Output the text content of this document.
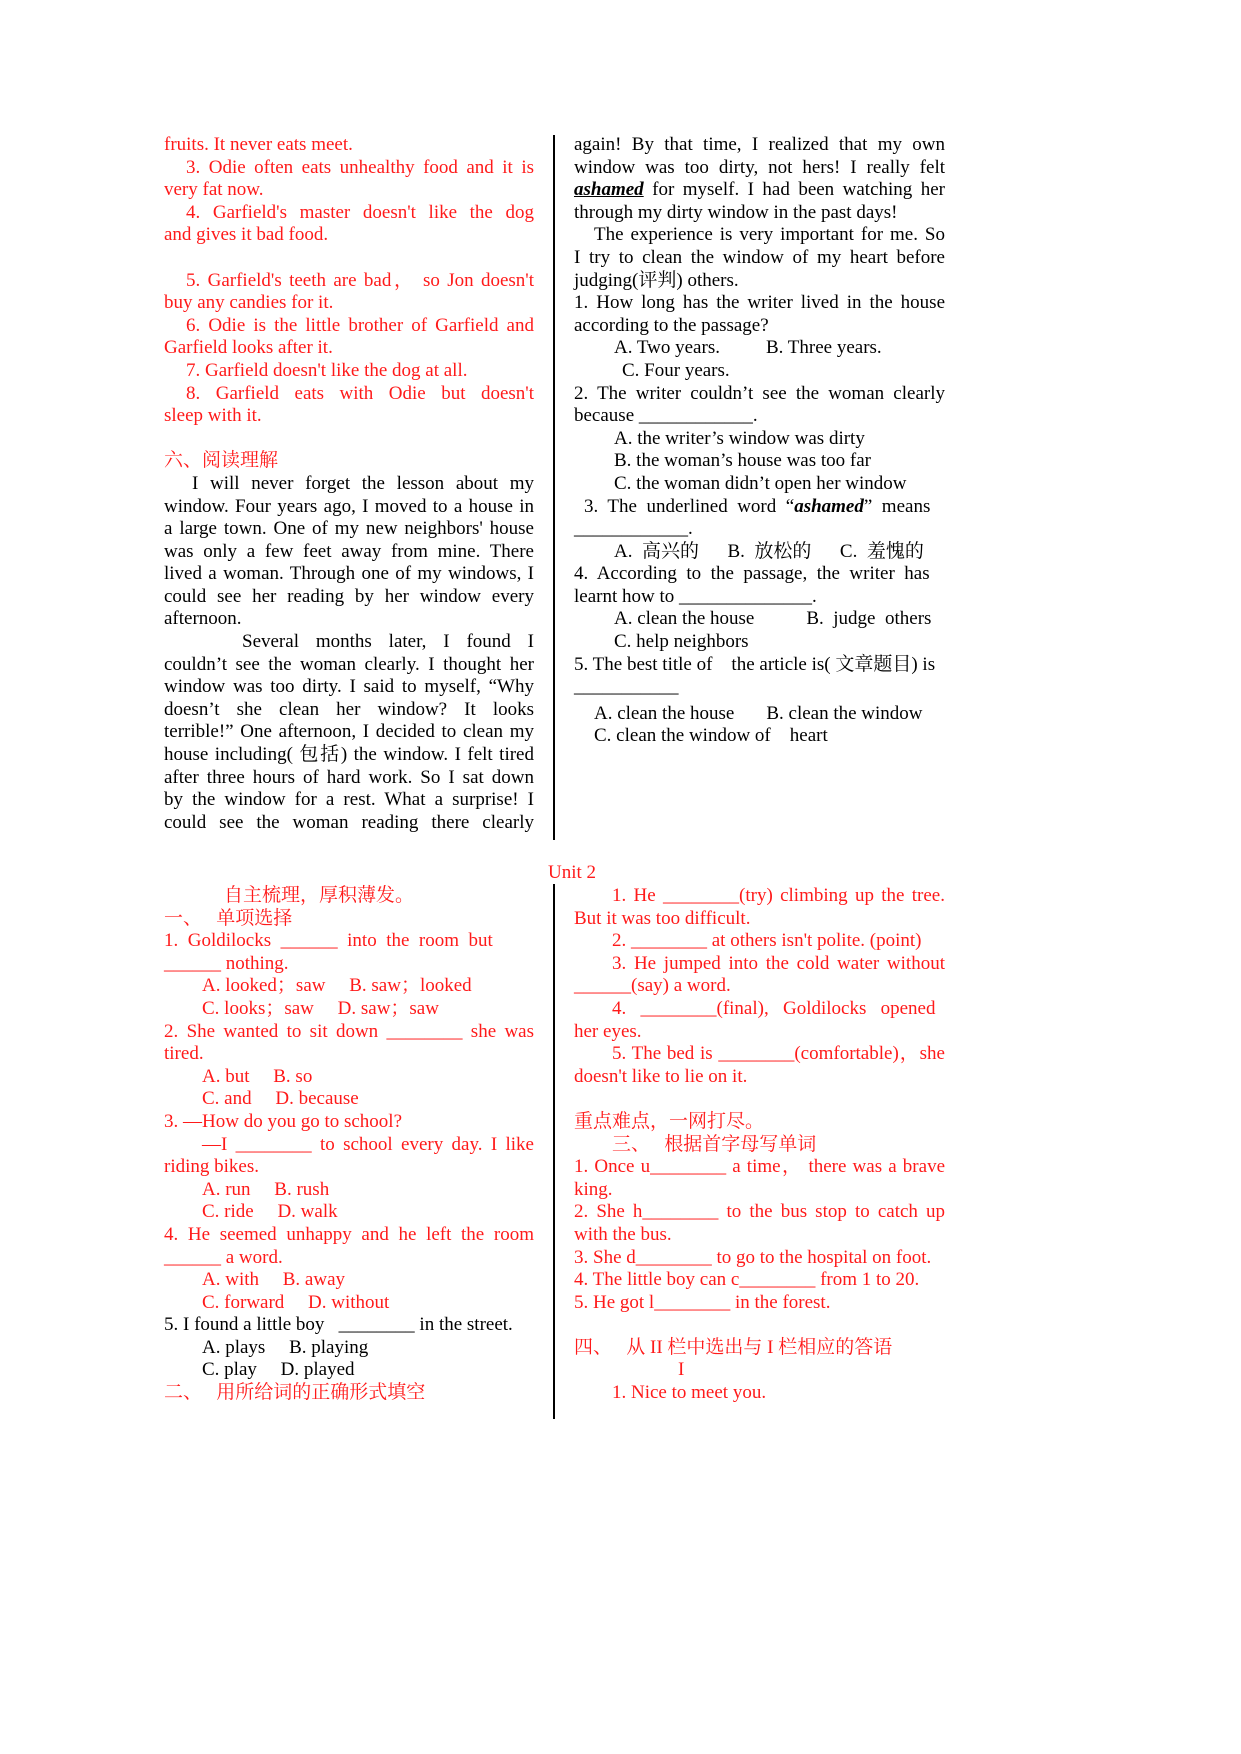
fruits. It never eats meet.

3. Odie often eats unhealthy food and it is

very fat now.

4. Garfield's master doesn't like the dog

and gives it bad food.

5. Garfield's teeth are bad， so Jon doesn't

buy any candies for it.

6. Odie is the little brother of Garfield and

Garfield looks after it.

7. Garfield doesn't like the dog at all.

8. Garfield eats with Odie but doesn't

sleep with it.

六、阅读理解

I will never forget the lesson about my

window. Four years ago, I moved to a house in

a large town. One of my new neighbors' house

was only a few feet away from mine. There

lived a woman. Through one of my windows, I

could see her reading by her window every

afternoon.

Several months later, I found I

couldn’t see the woman clearly. I thought her

window was too dirty. I said to myself, “Why

doesn’t she clean her window? It looks

terrible!” One afternoon, I decided to clean my

house including( 包括) the window. I felt tired

after three hours of hard work. So I sat down

by the window for a rest. What a surprise! I

could see the woman reading there clearly

again! By that time, I realized that my own

window was too dirty, not hers! I really felt

ashamed for myself. I had been watching her

through my dirty window in the past days!

The experience is very important for me. So

I try to clean the window of my heart before

judging(评判) others.

1. How long has the writer lived in the house

according to the passage?

A. Two years. B. Three years.

C. Four years.

2. The writer couldn’t see the woman clearly

because ____________.

A. the writer’s window was dirty

B. the woman’s house was too far

C. the woman didn’t open her window

3.  The  underlined  word  “ashamed”  means

____________.

A.  高兴的      B.  放松的      C.  羞愧的

4.  According  to  the  passage,  the  writer  has

learnt how to ______________.

A. clean the house	B.  judge  others

C. help neighbors

5. The best title of    the article is( 文章题目) is

___________

A. clean the house B. clean the window

C. clean the window of    heart

Unit 2

自主梳理，厚积薄发。

一、   单项选择

1.  Goldilocks  ______  into  the  room  but

______ nothing.

A. looked；saw     B. saw；looked

C. looks；saw     D. saw；saw

2. She wanted to sit down ________ she was

tired.

A. but     B. so

C. and     D. because

3. —How do you go to school?

—I ________ to school every day. I like

riding bikes.

A. run     B. rush

C. ride     D. walk

4. He seemed unhappy and he left the room

______ a word.

A. with     B. away

C. forward     D. without

5. I found a little boy   ________ in the street.

A. plays     B. playing

C. play     D. played

二、   用所给词的正确形式填空

1. He ________(try) climbing up the tree.

But it was too difficult.

2. ________ at others isn't polite. (point)

3. He jumped into the cold water without

______(say) a word.

4.   ________(final),   Goldilocks   opened

her eyes.

5. The bed is ________(comfortable)，she

doesn't like to lie on it.

重点难点，一网打尽。

三、   根据首字母写单词

1. Once u________ a time， there was a brave

king.

2. She h________ to the bus stop to catch up

with the bus.

3. She d________ to go to the hospital on foot.

4. The little boy can c________ from 1 to 20.

5. He got l________ in the forest.

四、   从 II 栏中选出与 I 栏相应的答语

I

1. Nice to meet you.
